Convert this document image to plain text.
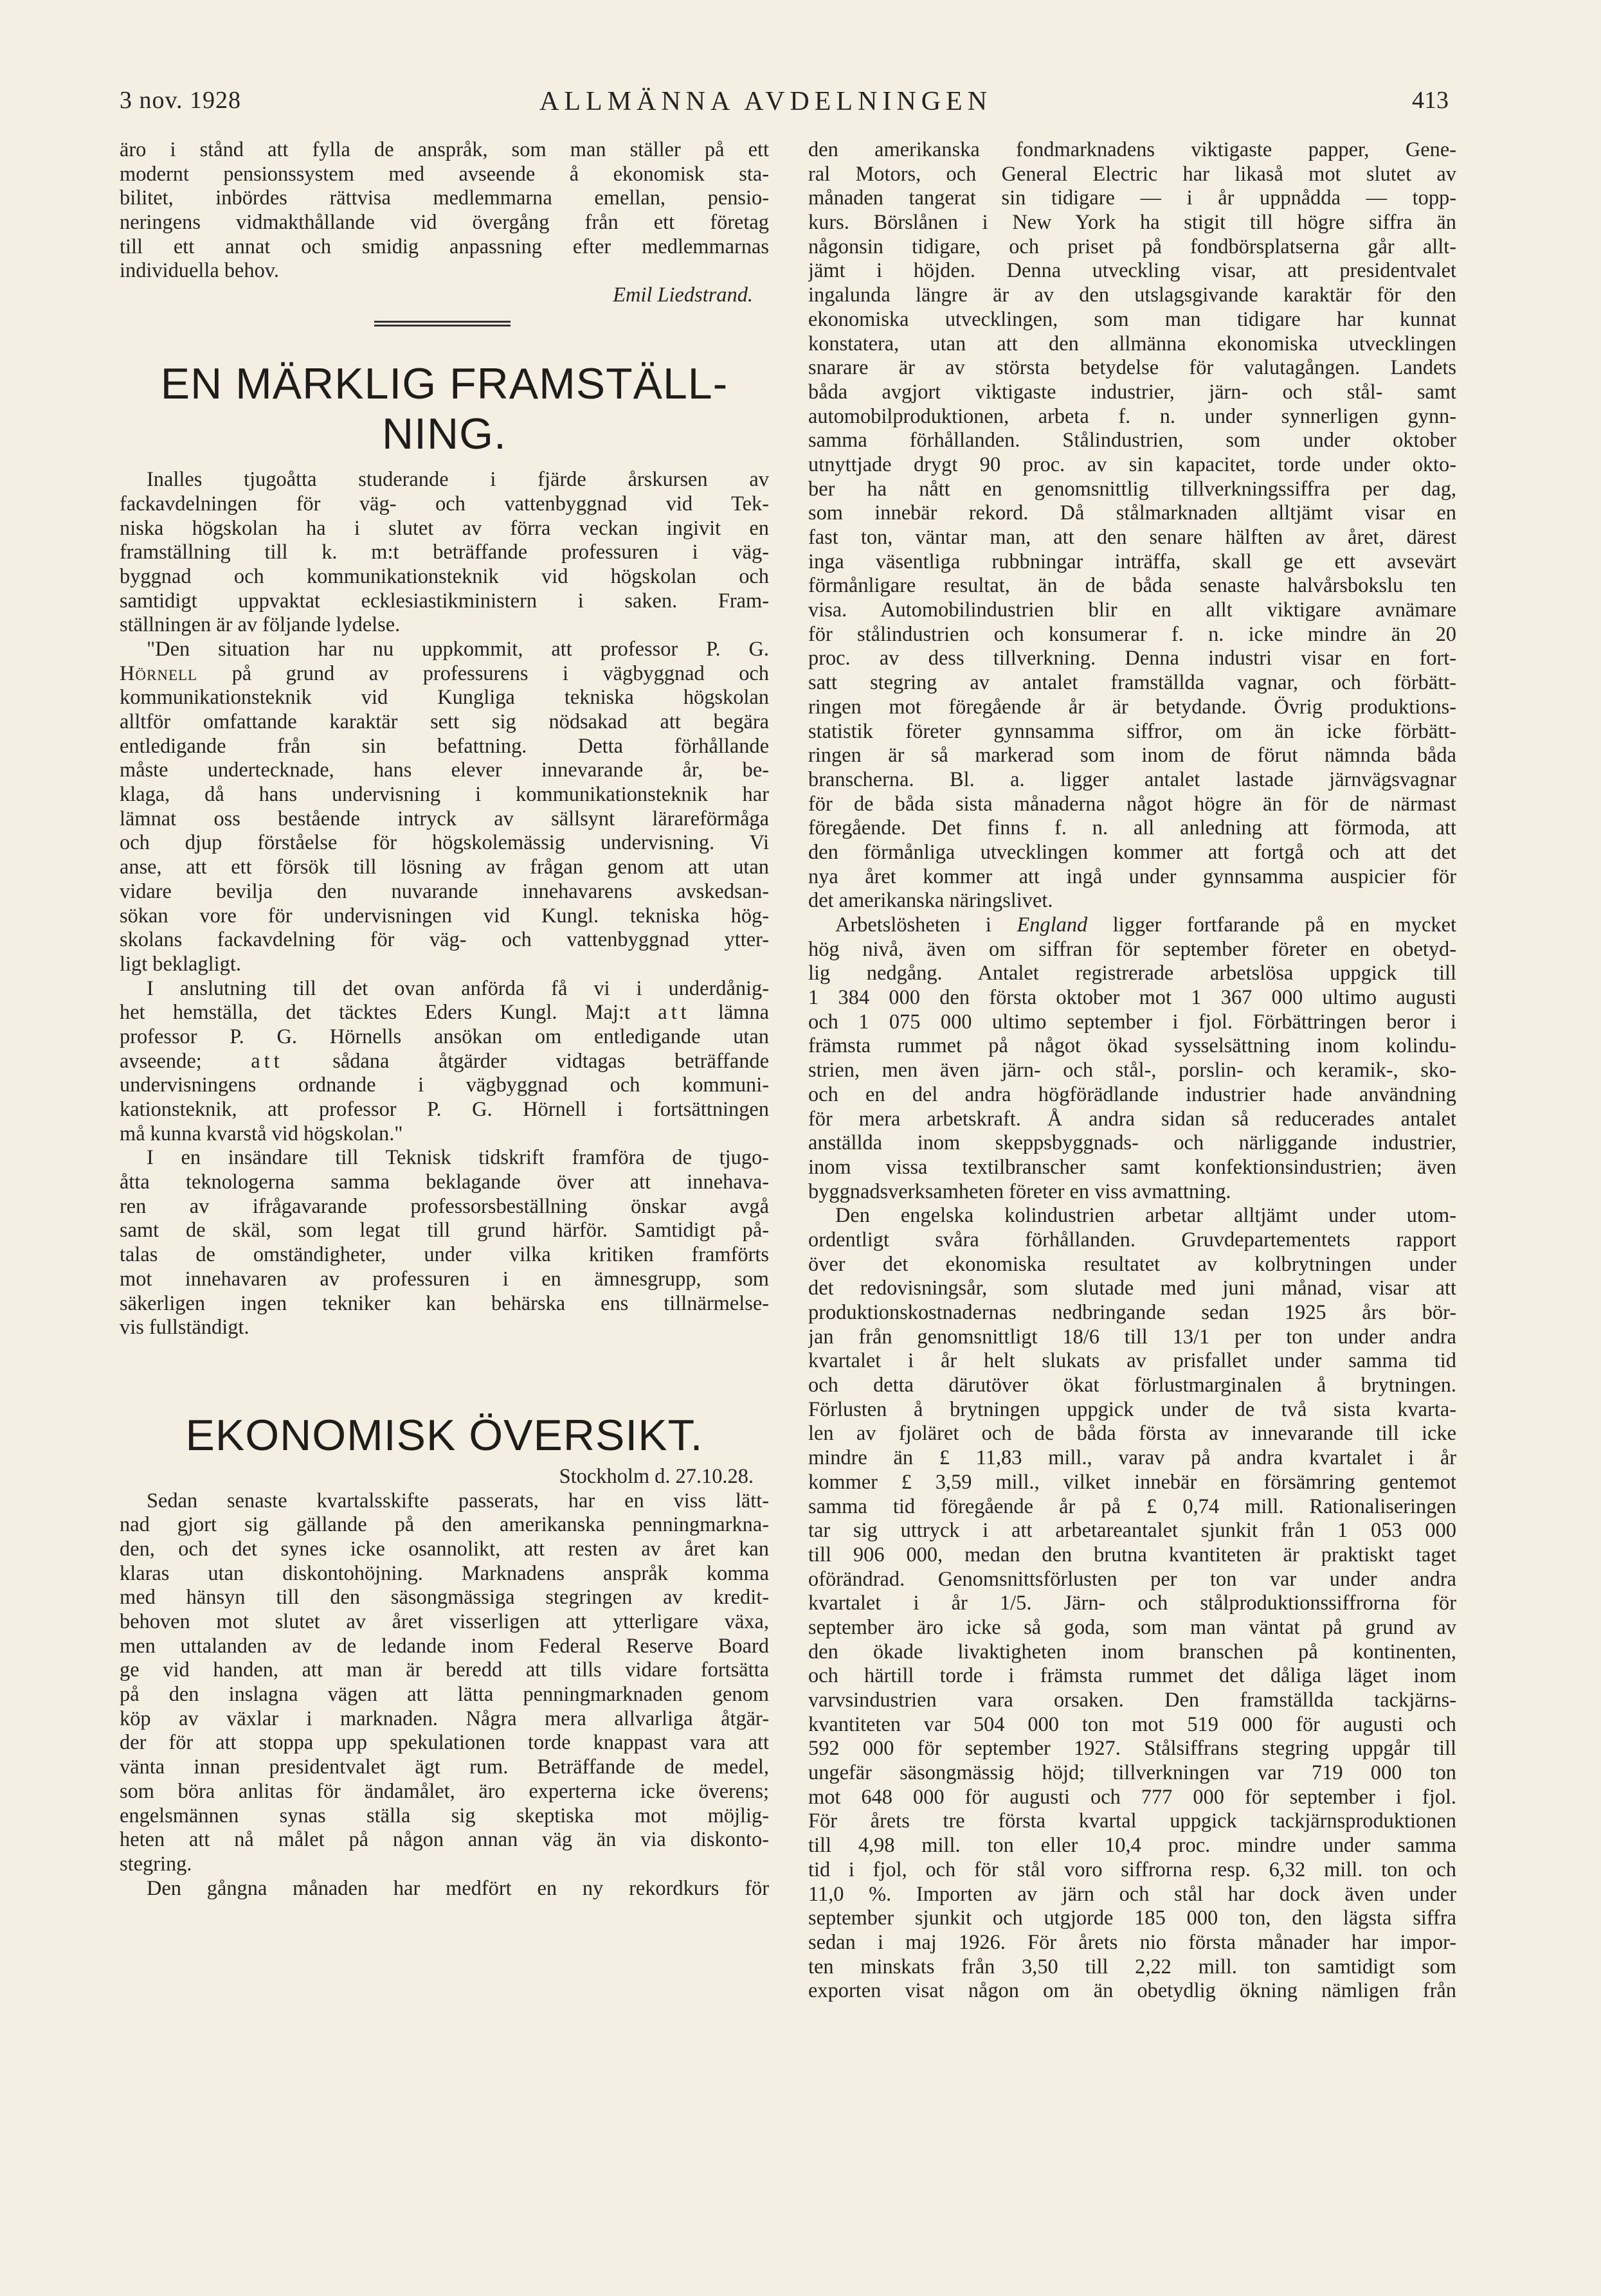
3 nov. 1928	ALLMÄNNA AVDELNINGEN	413
äro i stånd att fylla de anspråk, som man ställer på ett
modernt pensionssystem med avseende å ekonomisk sta-
bilitet, inbördes rättvisa medlemmarna emellan, pensio-
neringens vidmakthållande vid övergång från ett företag
till ett annat och smidig anpassning efter medlemmarnas
individuella behov.
Emil Liedstrand.
EN MÄRKLIG FRAMSTÄLL-
NING.
Inalles tjugoåtta studerande i fjärde årskursen av
fackavdelningen för väg- och vattenbyggnad vid Tek-
niska högskolan ha i slutet av förra veckan ingivit en
framställning till k. m:t beträffande professuren i väg-
byggnad och kommunikationsteknik vid högskolan och
samtidigt uppvaktat ecklesiastikministern i saken. Fram-
ställningen är av följande lydelse.
"Den situation har nu uppkommit, att professor P. G.
Hörnell på grund av professurens i vägbyggnad och
kommunikationsteknik vid Kungliga tekniska högskolan
alltför omfattande karaktär sett sig nödsakad att begära
entledigande från sin befattning. Detta förhållande
måste undertecknade, hans elever innevarande år, be-
klaga, då hans undervisning i kommunikationsteknik har
lämnat oss bestående intryck av sällsynt lärareförmåga
och djup förståelse för högskolemässig undervisning. Vi
anse, att ett försök till lösning av frågan genom att utan
vidare bevilja den nuvarande innehavarens avskedsan-
sökan vore för undervisningen vid Kungl. tekniska hög-
skolans fackavdelning för väg- och vattenbyggnad ytter-
ligt beklagligt.
I anslutning till det ovan anförda få vi i underdånig-
het hemställa, det täcktes Eders Kungl. Maj:t att lämna
professor P. G. Hörnells ansökan om entledigande utan
avseende; att sådana åtgärder vidtagas beträffande
undervisningens ordnande i vägbyggnad och kommuni-
kationsteknik, att professor P. G. Hörnell i fortsättningen
må kunna kvarstå vid högskolan."
I en insändare till Teknisk tidskrift framföra de tjugo-
åtta teknologerna samma beklagande över att innehava-
ren av ifrågavarande professorsbeställning önskar avgå
samt de skäl, som legat till grund härför. Samtidigt på-
talas de omständigheter, under vilka kritiken framförts
mot innehavaren av professuren i en ämnesgrupp, som
säkerligen ingen tekniker kan behärska ens tillnärmelse-
vis fullständigt.
EKONOMISK ÖVERSIKT.
Stockholm d. 27.10.28.
Sedan senaste kvartalsskifte passerats, har en viss lätt-
nad gjort sig gällande på den amerikanska penningmarkna-
den, och det synes icke osannolikt, att resten av året kan
klaras utan diskontohöjning. Marknadens anspråk komma
med hänsyn till den säsongmässiga stegringen av kredit-
behoven mot slutet av året visserligen att ytterligare växa,
men uttalanden av de ledande inom Federal Reserve Board
ge vid handen, att man är beredd att tills vidare fortsätta
på den inslagna vägen att lätta penningmarknaden genom
köp av växlar i marknaden. Några mera allvarliga åtgär-
der för att stoppa upp spekulationen torde knappast vara att
vänta innan presidentvalet ägt rum. Beträffande de medel,
som böra anlitas för ändamålet, äro experterna icke överens;
engelsmännen synas ställa sig skeptiska mot möjlig-
heten att nå målet på någon annan väg än via diskonto-
stegring.
Den gångna månaden har medfört en ny rekordkurs för
den amerikanska fondmarknadens viktigaste papper, Gene-
ral Motors, och General Electric har likaså mot slutet av
månaden tangerat sin tidigare — i år uppnådda — topp-
kurs. Börslånen i New York ha stigit till högre siffra än
någonsin tidigare, och priset på fondbörsplatserna går allt-
jämt i höjden. Denna utveckling visar, att presidentvalet
ingalunda längre är av den utslagsgivande karaktär för den
ekonomiska utvecklingen, som man tidigare har kunnat
konstatera, utan att den allmänna ekonomiska utvecklingen
snarare är av största betydelse för valutagången. Landets
båda avgjort viktigaste industrier, järn- och stål- samt
automobilproduktionen, arbeta f. n. under synnerligen gynn-
samma förhållanden. Stålindustrien, som under oktober
utnyttjade drygt 90 proc. av sin kapacitet, torde under okto-
ber ha nått en genomsnittlig tillverkningssiffra per dag,
som innebär rekord. Då stålmarknaden alltjämt visar en
fast ton, väntar man, att den senare hälften av året, därest
inga väsentliga rubbningar inträffa, skall ge ett avsevärt
förmånligare resultat, än de båda senaste halvårsbokslu ten
visa. Automobilindustrien blir en allt viktigare avnämare
för stålindustrien och konsumerar f. n. icke mindre än 20
proc. av dess tillverkning. Denna industri visar en fort-
satt stegring av antalet framställda vagnar, och förbätt-
ringen mot föregående år är betydande. Övrig produktions-
statistik företer gynnsamma siffror, om än icke förbätt-
ringen är så markerad som inom de förut nämnda båda
branscherna. Bl. a. ligger antalet lastade järnvägsvagnar
för de båda sista månaderna något högre än för de närmast
föregående. Det finns f. n. all anledning att förmoda, att
den förmånliga utvecklingen kommer att fortgå och att det
nya året kommer att ingå under gynnsamma auspicier för
det amerikanska näringslivet.
Arbetslösheten i England ligger fortfarande på en mycket
hög nivå, även om siffran för september företer en obetyd-
lig nedgång. Antalet registrerade arbetslösa uppgick till
1 384 000 den första oktober mot 1 367 000 ultimo augusti
och 1 075 000 ultimo september i fjol. Förbättringen beror i
främsta rummet på något ökad sysselsättning inom kolindu-
strien, men även järn- och stål-, porslin- och keramik-, sko-
och en del andra högförädlande industrier hade användning
för mera arbetskraft. Å andra sidan så reducerades antalet
anställda inom skeppsbyggnads- och närliggande industrier,
inom vissa textilbranscher samt konfektionsindustrien; även
byggnadsverksamheten företer en viss avmattning.
Den engelska kolindustrien arbetar alltjämt under utom-
ordentligt svåra förhållanden. Gruvdepartementets rapport
över det ekonomiska resultatet av kolbrytningen under
det redovisningsår, som slutade med juni månad, visar att
produktionskostnadernas nedbringande sedan 1925 års bör-
jan från genomsnittligt 18/6 till 13/1 per ton under andra
kvartalet i år helt slukats av prisfallet under samma tid
och detta därutöver ökat förlustmarginalen å brytningen.
Förlusten å brytningen uppgick under de två sista kvarta-
len av fjoläret och de båda första av innevarande till icke
mindre än £ 11,83 mill., varav på andra kvartalet i år
kommer £ 3,59 mill., vilket innebär en försämring gentemot
samma tid föregående år på £ 0,74 mill. Rationaliseringen
tar sig uttryck i att arbetareantalet sjunkit från 1 053 000
till 906 000, medan den brutna kvantiteten är praktiskt taget
oförändrad. Genomsnittsförlusten per ton var under andra
kvartalet i år 1/5. Järn- och stålproduktionssiffrorna för
september äro icke så goda, som man väntat på grund av
den ökade livaktigheten inom branschen på kontinenten,
och härtill torde i främsta rummet det dåliga läget inom
varvsindustrien vara orsaken. Den framställda tackjärns-
kvantiteten var 504 000 ton mot 519 000 för augusti och
592 000 för september 1927. Stålsiffrans stegring uppgår till
ungefär säsongmässig höjd; tillverkningen var 719 000 ton
mot 648 000 för augusti och 777 000 för september i fjol.
För årets tre första kvartal uppgick tackjärnsproduktionen
till 4,98 mill. ton eller 10,4 proc. mindre under samma
tid i fjol, och för stål voro siffrorna resp. 6,32 mill. ton och
11,0 %. Importen av järn och stål har dock även under
september sjunkit och utgjorde 185 000 ton, den lägsta siffra
sedan i maj 1926. För årets nio första månader har impor-
ten minskats från 3,50 till 2,22 mill. ton samtidigt som
exporten visat någon om än obetydlig ökning nämligen från
